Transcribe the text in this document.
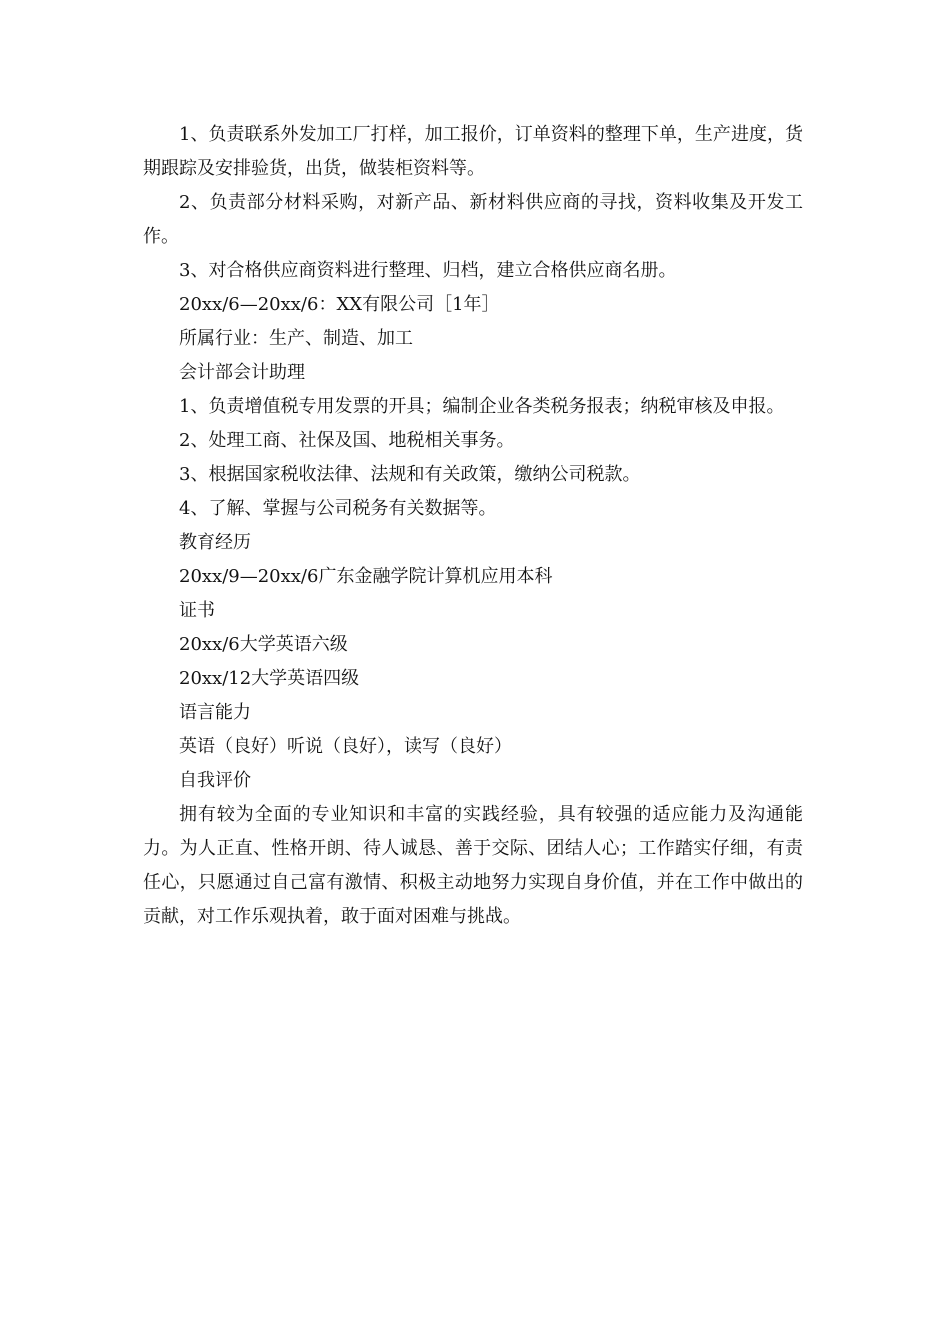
1、负责联系外发加工厂打样，加工报价，订单资料的整理下单，生产进度，货期跟踪及安排验货，出货，做装柜资料等。

2、负责部分材料采购，对新产品、新材料供应商的寻找，资料收集及开发工作。

3、对合格供应商资料进行整理、归档，建立合格供应商名册。

20xx/6—20xx/6：XX有限公司［1年］

所属行业：生产、制造、加工

会计部会计助理

1、负责增值税专用发票的开具；编制企业各类税务报表；纳税审核及申报。

2、处理工商、社保及国、地税相关事务。

3、根据国家税收法律、法规和有关政策，缴纳公司税款。

4、了解、掌握与公司税务有关数据等。

教育经历

20xx/9—20xx/6广东金融学院计算机应用本科

证书

20xx/6大学英语六级

20xx/12大学英语四级

语言能力

英语（良好）听说（良好），读写（良好）

自我评价

拥有较为全面的专业知识和丰富的实践经验，具有较强的适应能力及沟通能力。为人正直、性格开朗、待人诚恳、善于交际、团结人心；工作踏实仔细，有责任心，只愿通过自己富有激情、积极主动地努力实现自身价值，并在工作中做出的贡献，对工作乐观执着，敢于面对困难与挑战。
